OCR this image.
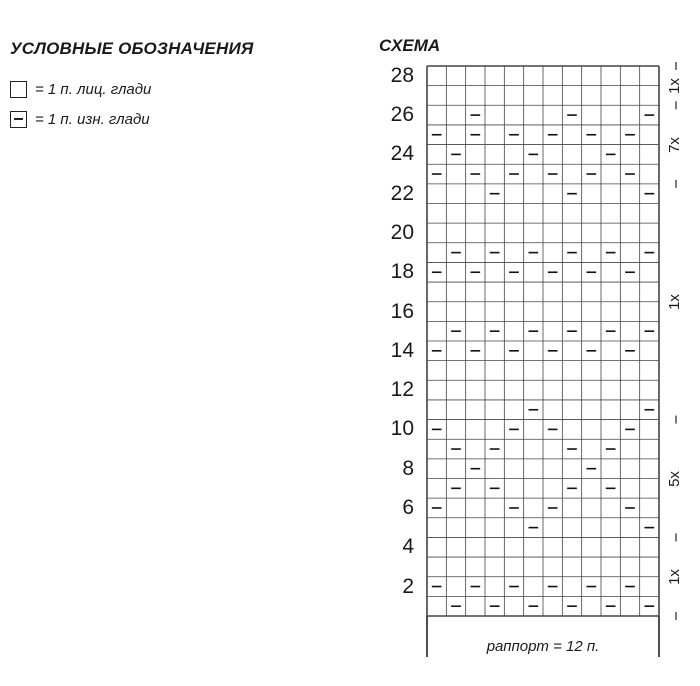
УСЛОВНЫЕ ОБОЗНАЧЕНИЯ
= 1 п. лиц. глади
= 1 п. изн. глади
СХЕМА
28
26
24
22
20
18
16
14
12
10
8
6
4
2
1x
7x
1x
5x
1x
раппорт = 12 п.
